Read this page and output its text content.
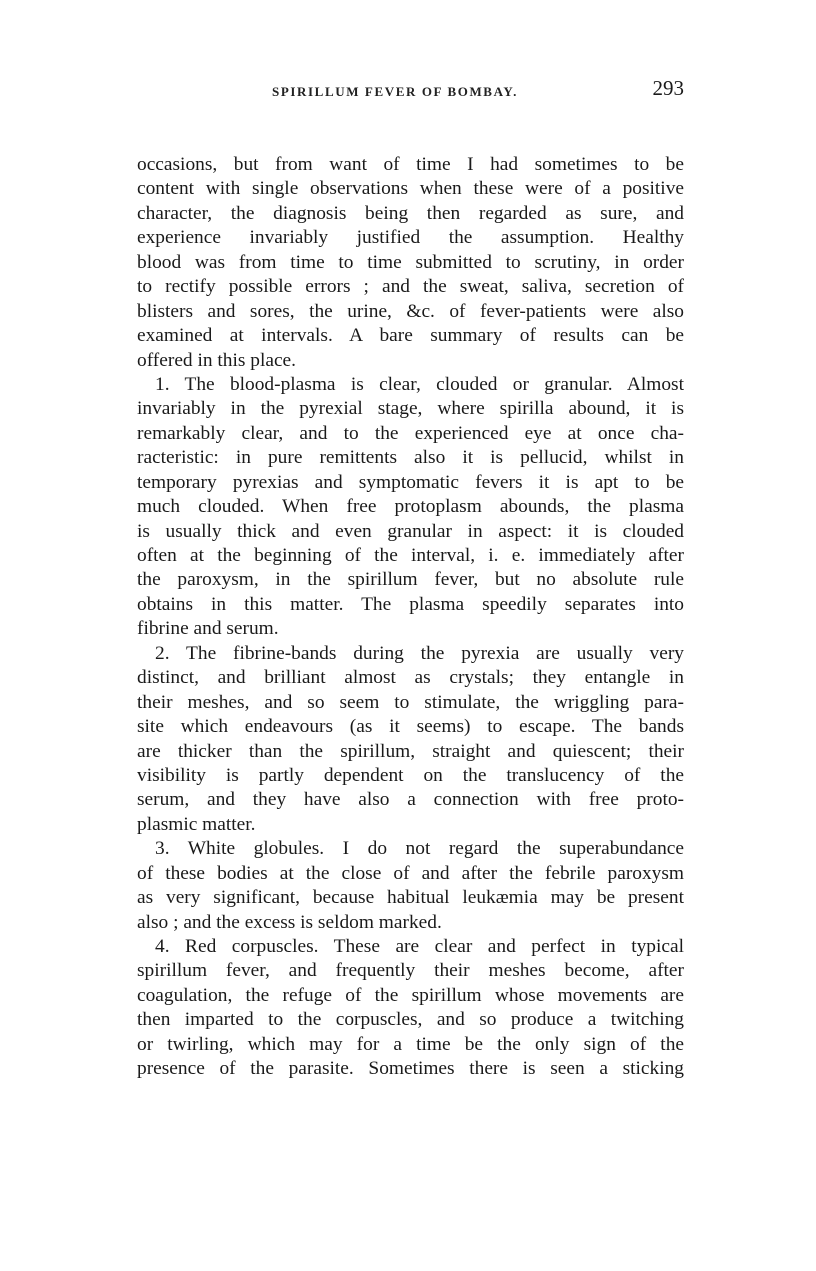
SPIRILLUM FEVER OF BOMBAY.	293
occasions, but from want of time I had sometimes to be
content with single observations when these were of a positive
character, the diagnosis being then regarded as sure, and
experience invariably justified the assumption. Healthy
blood was from time to time submitted to scrutiny, in order
to rectify possible errors ; and the sweat, saliva, secretion of
blisters and sores, the urine, &c. of fever-patients were also
examined at intervals. A bare summary of results can be
offered in this place.
1. The blood-plasma is clear, clouded or granular. Almost
invariably in the pyrexial stage, where spirilla abound, it is
remarkably clear, and to the experienced eye at once cha-
racteristic: in pure remittents also it is pellucid, whilst in
temporary pyrexias and symptomatic fevers it is apt to be
much clouded. When free protoplasm abounds, the plasma
is usually thick and even granular in aspect: it is clouded
often at the beginning of the interval, i. e. immediately after
the paroxysm, in the spirillum fever, but no absolute rule
obtains in this matter. The plasma speedily separates into
fibrine and serum.
2. The fibrine-bands during the pyrexia are usually very
distinct, and brilliant almost as crystals; they entangle in
their meshes, and so seem to stimulate, the wriggling para-
site which endeavours (as it seems) to escape. The bands
are thicker than the spirillum, straight and quiescent; their
visibility is partly dependent on the translucency of the
serum, and they have also a connection with free proto-
plasmic matter.
3. White globules. I do not regard the superabundance
of these bodies at the close of and after the febrile paroxysm
as very significant, because habitual leukæmia may be present
also ; and the excess is seldom marked.
4. Red corpuscles. These are clear and perfect in typical
spirillum fever, and frequently their meshes become, after
coagulation, the refuge of the spirillum whose movements are
then imparted to the corpuscles, and so produce a twitching
or twirling, which may for a time be the only sign of the
presence of the parasite. Sometimes there is seen a sticking
